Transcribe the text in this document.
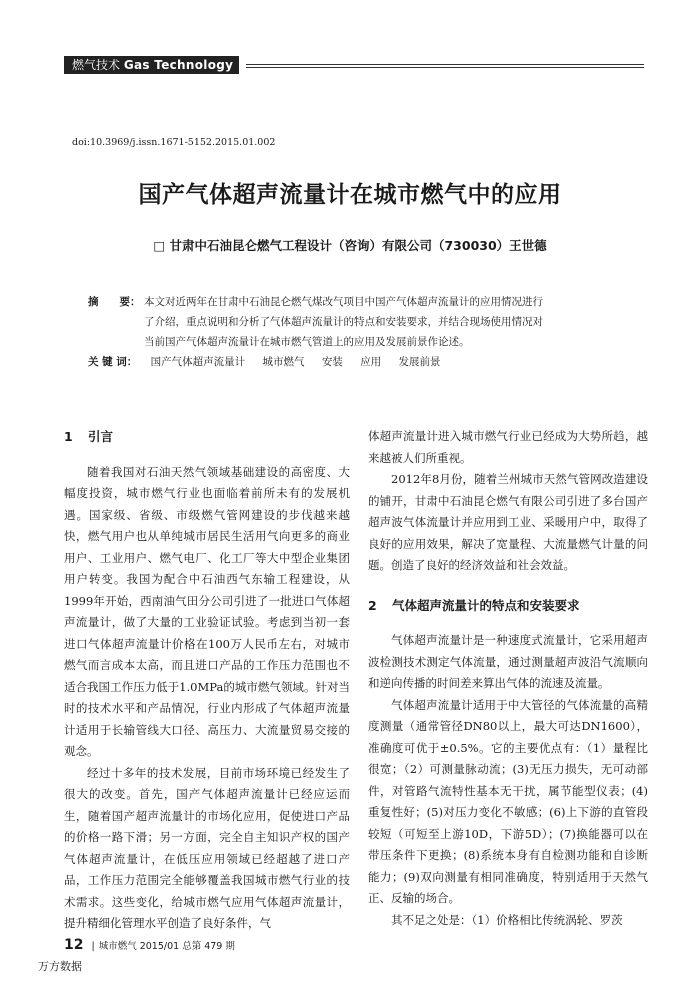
燃气技术 Gas Technology
doi:10.3969/j.issn.1671-5152.2015.01.002
国产气体超声流量计在城市燃气中的应用
□ 甘肃中石油昆仑燃气工程设计（咨询）有限公司（730030）王世德
摘　　要： 本文对近两年在甘肃中石油昆仑燃气煤改气项目中国产气体超声流量计的应用情况进行
了介绍，重点说明和分析了气体超声流量计的特点和安装要求，并结合现场使用情况对
当前国产气体超声流量计在城市燃气管道上的应用及发展前景作论述。
关 键 词： 国产气体超声流量计 城市燃气 安装 应用 发展前景
1 引言

随着我国对石油天然气领域基础建设的高密度、大幅度投资，城市燃气行业也面临着前所未有的发展机遇。国家级、省级、市级燃气管网建设的步伐越来越快，燃气用户也从单纯城市居民生活用气向更多的商业用户、工业用户、燃气电厂、化工厂等大中型企业集团用户转变。我国为配合中石油西气东输工程建设，从1999年开始，西南油气田分公司引进了一批进口气体超声流量计，做了大量的工业验证试验。考虑到当初一套进口气体超声流量计价格在100万人民币左右，对城市燃气而言成本太高，而且进口产品的工作压力范围也不适合我国工作压力低于1.0MPa的城市燃气领域。针对当时的技术水平和产品情况，行业内形成了气体超声流量计适用于长输管线大口径、高压力、大流量贸易交接的观念。

经过十多年的技术发展，目前市场环境已经发生了很大的改变。首先，国产气体超声流量计已经应运而生，随着国产超声流量计的市场化应用，促使进口产品的价格一路下滑；另一方面，完全自主知识产权的国产气体超声流量计，在低压应用领域已经超越了进口产品，工作压力范围完全能够覆盖我国城市燃气行业的技术需求。这些变化，给城市燃气应用气体超声流量计，提升精细化管理水平创造了良好条件，气

体超声流量计进入城市燃气行业已经成为大势所趋，越来越被人们所重视。

2012年8月份，随着兰州城市天然气管网改造建设的铺开，甘肃中石油昆仑燃气有限公司引进了多台国产超声波气体流量计并应用到工业、采暖用户中，取得了良好的应用效果，解决了宽量程、大流量燃气计量的问题。创造了良好的经济效益和社会效益。

2 气体超声流量计的特点和安装要求

气体超声流量计是一种速度式流量计，它采用超声波检测技术测定气体流量，通过测量超声波沿气流顺向和逆向传播的时间差来算出气体的流速及流量。

气体超声流量计适用于中大管径的气体流量的高精度测量（通常管径DN80以上，最大可达DN1600），准确度可优于±0.5%。它的主要优点有：（1）量程比很宽；（2）可测量脉动流；(3)无压力损失，无可动部件，对管路气流特性基本无干扰，属节能型仪表；(4)重复性好；(5)对压力变化不敏感；(6)上下游的直管段较短（可短至上游10D，下游5D）；(7)换能器可以在带压条件下更换；(8)系统本身有自检测功能和自诊断能力；(9)双向测量有相同准确度，特别适用于天然气正、反输的场合。

其不足之处是：（1）价格相比传统涡轮、罗茨

12 | 城市燃气 2015/01 总第 479 期
万方数据
